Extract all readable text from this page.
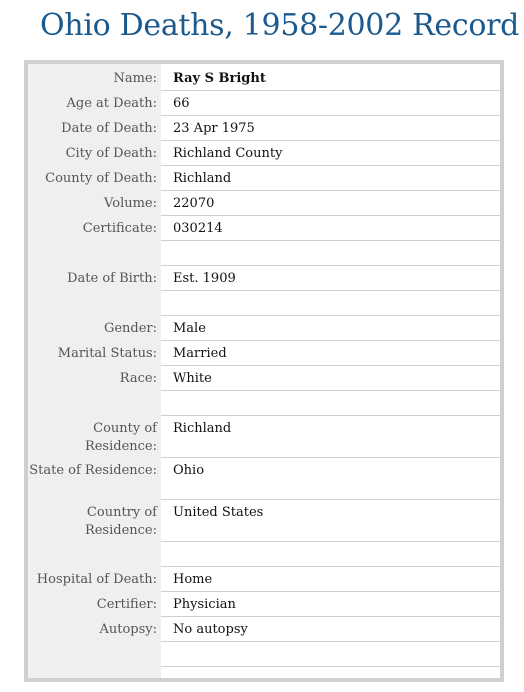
Ohio Deaths, 1958-2002 Record
Name:	Ray S Bright
Age at Death:	66
Date of Death:	23 Apr 1975
City of Death:	Richland County
County of Death:	Richland
Volume:	22070
Certificate:	030214
Date of Birth:	Est. 1909
Gender:	Male
Marital Status:	Married
Race:	White
County of Residence:
Richland
State of Residence:	Ohio
Country of Residence:
United States
Hospital of Death:	Home
Certifier:	Physician
Autopsy:	No autopsy
